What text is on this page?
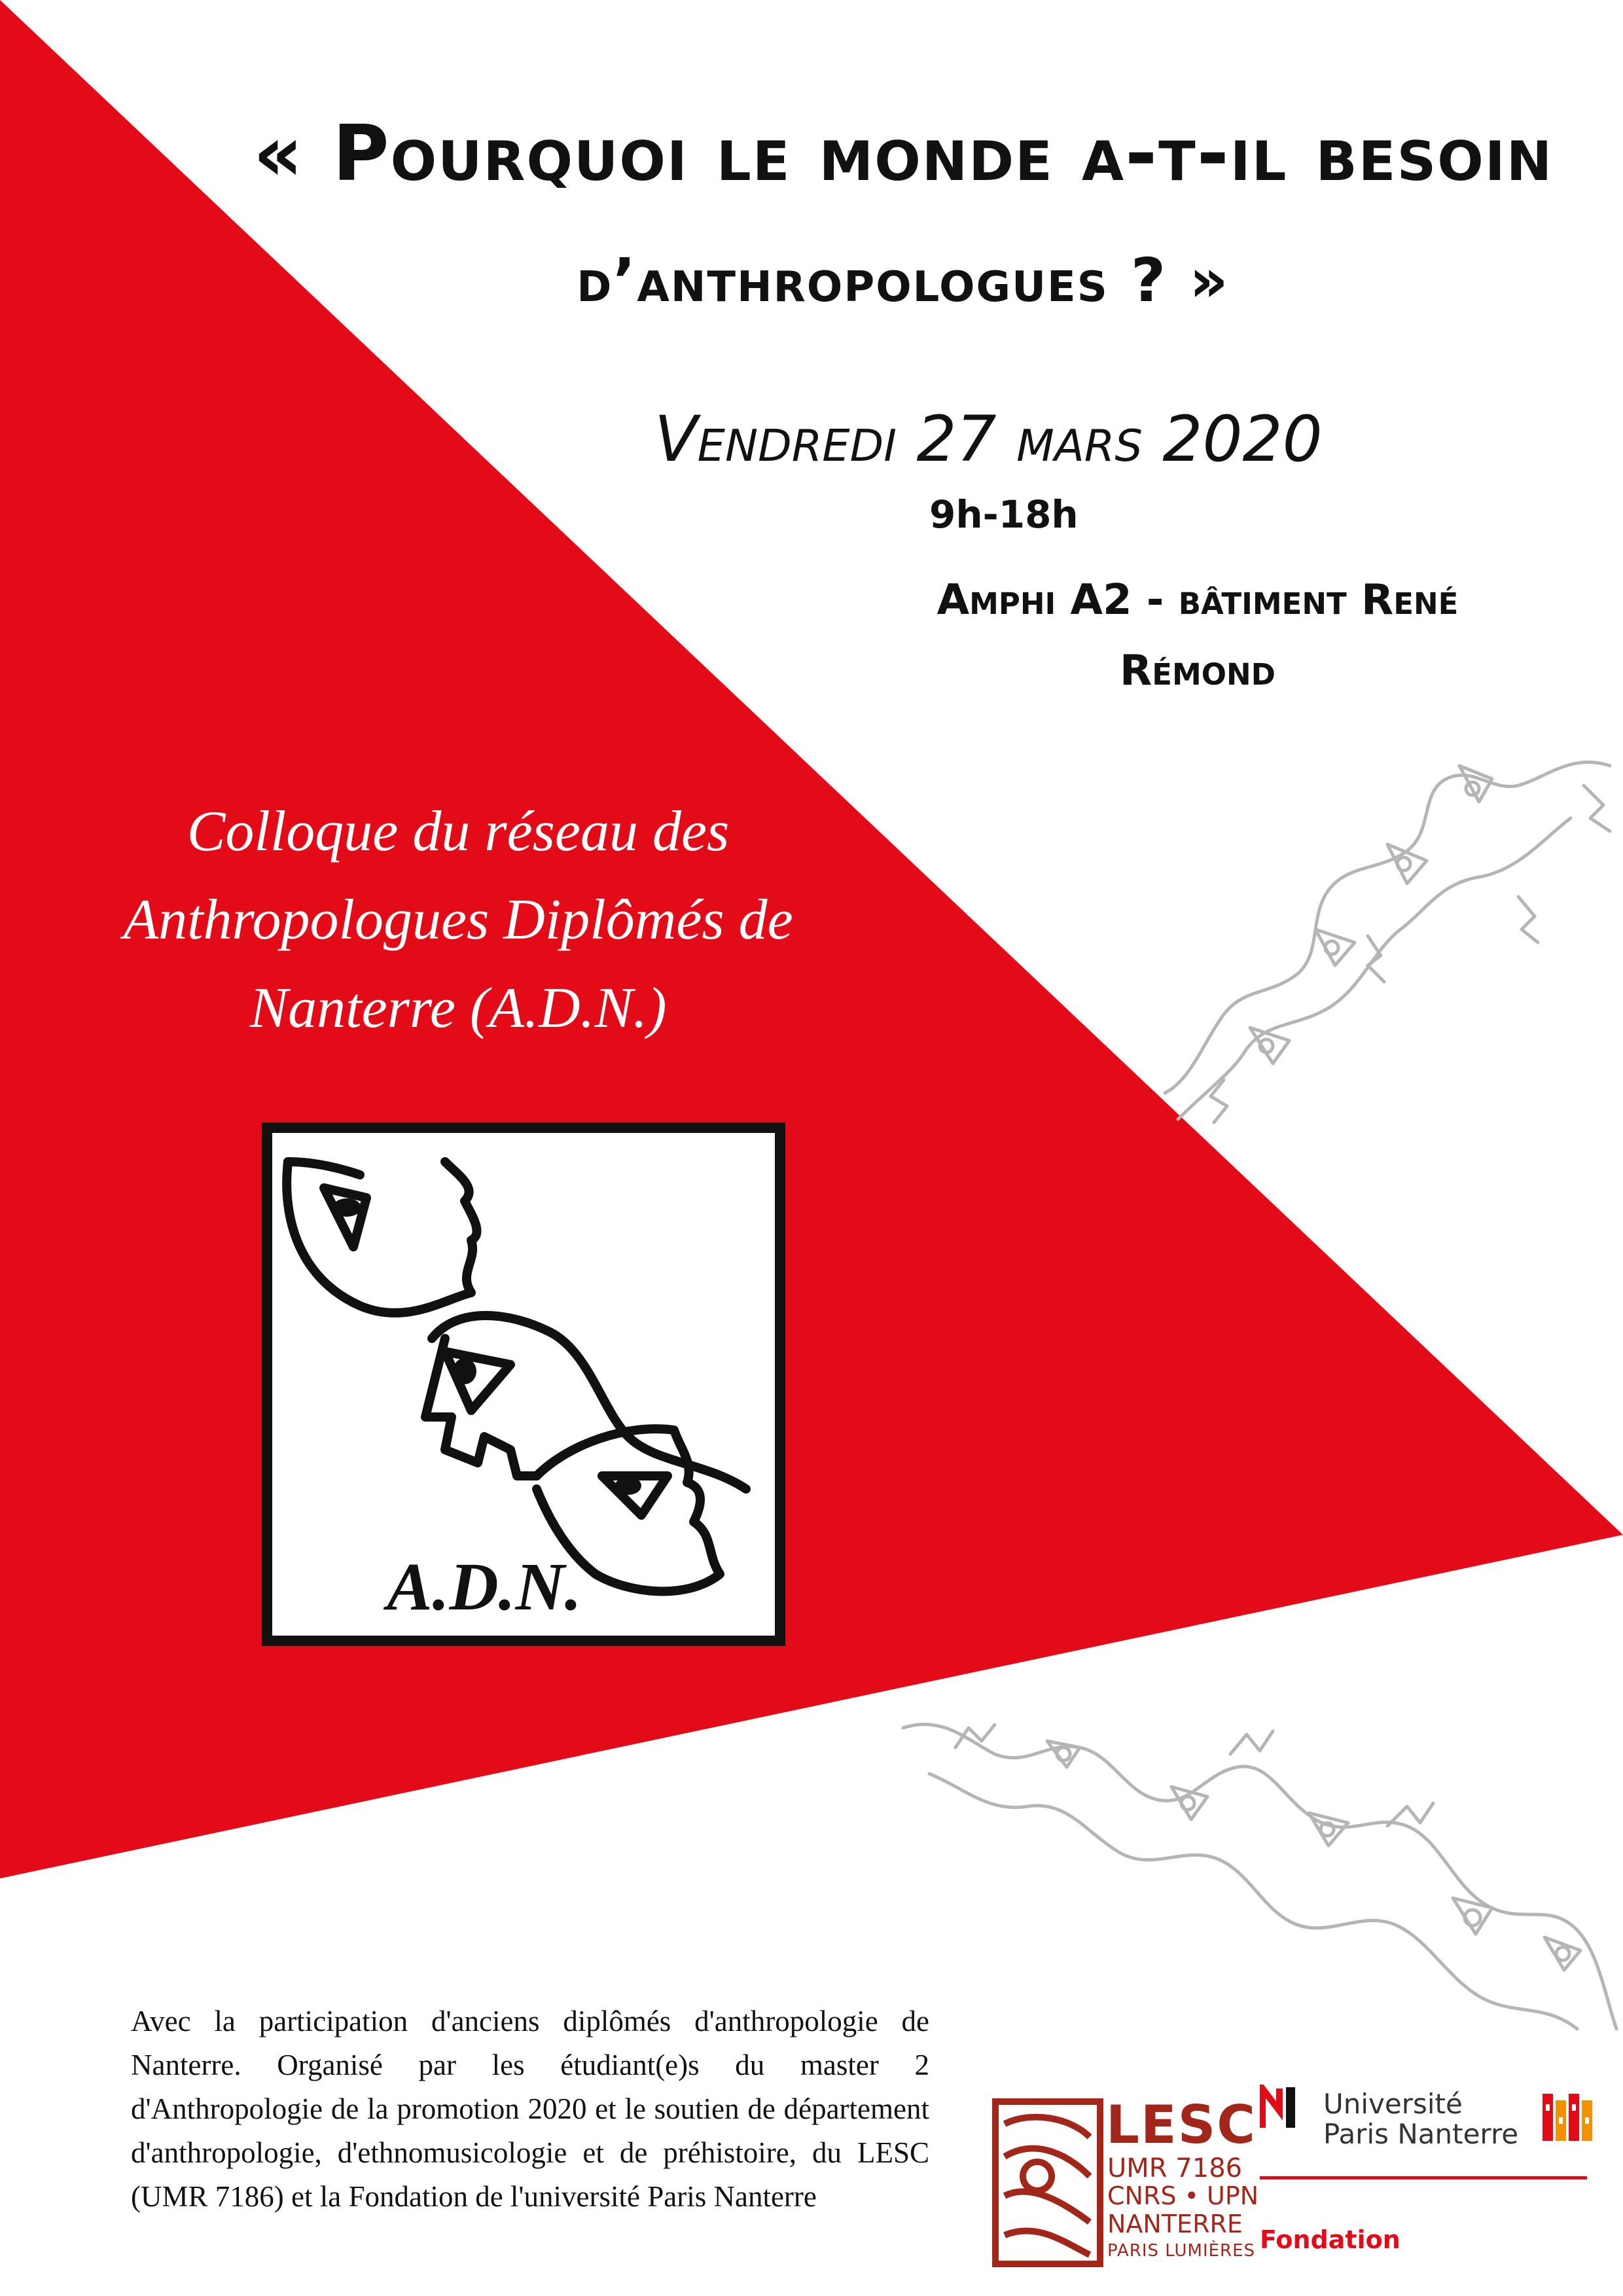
« Pourquoi le monde a-t-il besoin
d’anthropologues ? »
Vendredi 27 mars 2020
9h-18h
Amphi A2 - bâtiment René
Rémond
Colloque du réseau des
Anthropologues Diplômés de
Nanterre (A.D.N.)
A.D.N.
Avec la participation d'anciens diplômés d'anthropologie de Nanterre. Organisé par les étudiant(e)s du master 2 d'Anthropologie de la promotion 2020 et le soutien de département d'anthropologie, d'ethnomusicologie et de préhistoire, du LESC (UMR 7186) et la Fondation de l'université Paris Nanterre
LESC
UMR 7186
CNRS • UPN
NANTERRE
PARIS LUMIÈRES
Université
Paris Nanterre
Fondation
